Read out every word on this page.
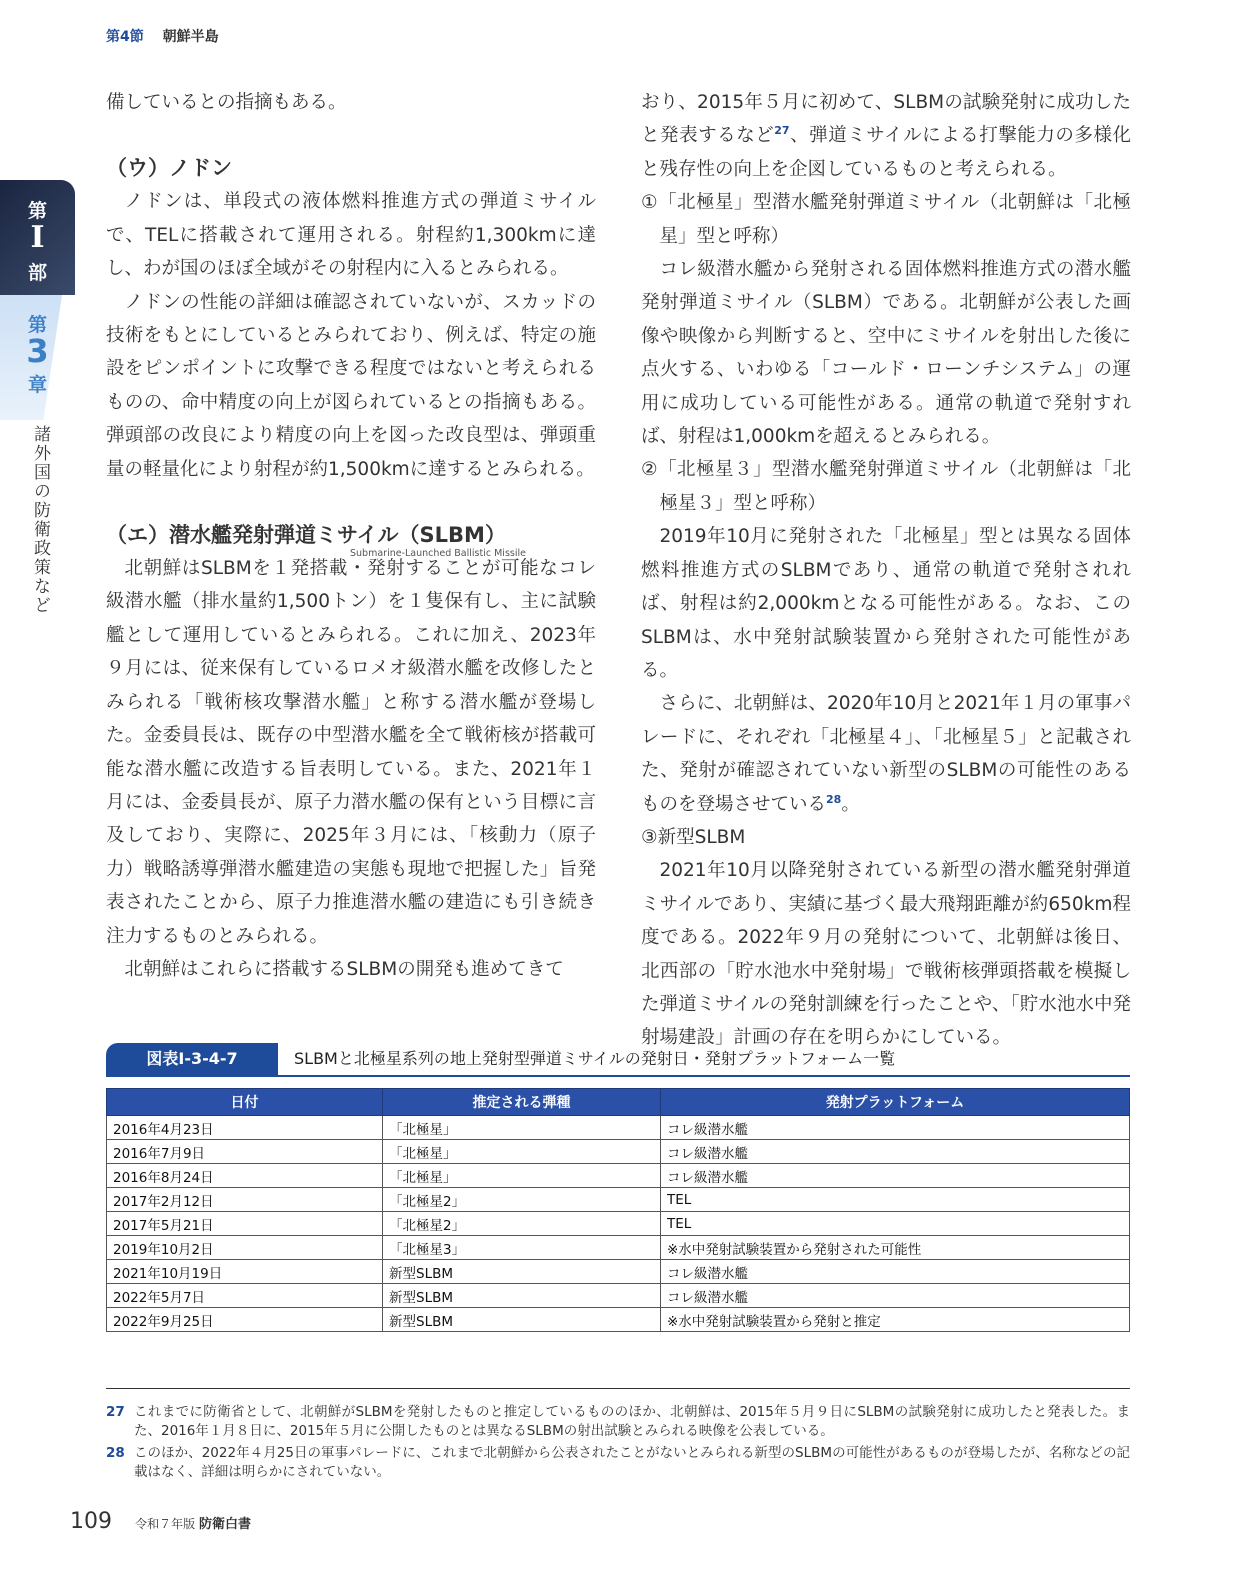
第4節 朝鮮半島
第
I
部
第
3
章
諸外国の防衛政策など

備しているとの指摘もある。

（ウ）ノドン

ノドンは、単段式の液体燃料推進方式の弾道ミサイルで、TELに搭載されて運用される。射程約1,300kmに達し、わが国のほぼ全域がその射程内に入るとみられる。

ノドンの性能の詳細は確認されていないが、スカッドの技術をもとにしているとみられており、例えば、特定の施設をピンポイントに攻撃できる程度ではないと考えられるものの、命中精度の向上が図られているとの指摘もある。弾頭部の改良により精度の向上を図った改良型は、弾頭重量の軽量化により射程が約1,500kmに達するとみられる。

（エ）潜水艦発射弾道ミサイル（SLBM）

Submarine-Launched Ballistic Missile

北朝鮮はSLBMを１発搭載・発射することが可能なコレ級潜水艦（排水量約1,500トン）を１隻保有し、主に試験艦として運用しているとみられる。これに加え、2023年９月には、従来保有しているロメオ級潜水艦を改修したとみられる「戦術核攻撃潜水艦」と称する潜水艦が登場した。金委員長は、既存の中型潜水艦を全て戦術核が搭載可能な潜水艦に改造する旨表明している。また、2021年１月には、金委員長が、原子力潜水艦の保有という目標に言及しており、実際に、2025年３月には、「核動力（原子力）戦略誘導弾潜水艦建造の実態も現地で把握した」旨発表されたことから、原子力推進潜水艦の建造にも引き続き注力するものとみられる。

北朝鮮はこれらに搭載するSLBMの開発も進めてきて

おり、2015年５月に初めて、SLBMの試験発射に成功したと発表するなど$^{27}$、弾道ミサイルによる打撃能力の多様化と残存性の向上を企図しているものと考えられる。

①「北極星」型潜水艦発射弾道ミサイル（北朝鮮は「北極星」型と呼称）

コレ級潜水艦から発射される固体燃料推進方式の潜水艦発射弾道ミサイル（SLBM）である。北朝鮮が公表した画像や映像から判断すると、空中にミサイルを射出した後に点火する、いわゆる「コールド・ローンチシステム」の運用に成功している可能性がある。通常の軌道で発射すれば、射程は1,000kmを超えるとみられる。

②「北極星３」型潜水艦発射弾道ミサイル（北朝鮮は「北極星３」型と呼称）

2019年10月に発射された「北極星」型とは異なる固体燃料推進方式のSLBMであり、通常の軌道で発射されれば、射程は約2,000kmとなる可能性がある。なお、このSLBMは、水中発射試験装置から発射された可能性がある。

さらに、北朝鮮は、2020年10月と2021年１月の軍事パレードに、それぞれ「北極星４」、「北極星５」と記載された、発射が確認されていない新型のSLBMの可能性のあるものを登場させている$^{28}$。

③新型SLBM

2021年10月以降発射されている新型の潜水艦発射弾道ミサイルであり、実績に基づく最大飛翔距離が約650km程度である。2022年９月の発射について、北朝鮮は後日、北西部の「貯水池水中発射場」で戦術核弾頭搭載を模擬した弾道ミサイルの発射訓練を行ったことや、「貯水池水中発射場建設」計画の存在を明らかにしている。

図表Ⅰ-3-4-7	SLBMと北極星系列の地上発射型弾道ミサイルの発射日・発射プラットフォーム一覧
日付	推定される弾種	発射プラットフォーム
2016年4月23日	「北極星」	コレ級潜水艦
2016年7月9日	「北極星」	コレ級潜水艦
2016年8月24日	「北極星」	コレ級潜水艦
2017年2月12日	「北極星2」	TEL
2017年5月21日	「北極星2」	TEL
2019年10月2日	「北極星3」	※水中発射試験装置から発射された可能性
2021年10月19日	新型SLBM	コレ級潜水艦
2022年5月7日	新型SLBM	コレ級潜水艦
2022年9月25日	新型SLBM	※水中発射試験装置から発射と推定
27 これまでに防衛省として、北朝鮮がSLBMを発射したものと推定しているもののほか、北朝鮮は、2015年５月９日にSLBMの試験発射に成功したと発表した。また、2016年１月８日に、2015年５月に公開したものとは異なるSLBMの射出試験とみられる映像を公表している。
28 このほか、2022年４月25日の軍事パレードに、これまで北朝鮮から公表されたことがないとみられる新型のSLBMの可能性があるものが登場したが、名称などの記載はなく、詳細は明らかにされていない。
109 令和７年版 防衛白書
